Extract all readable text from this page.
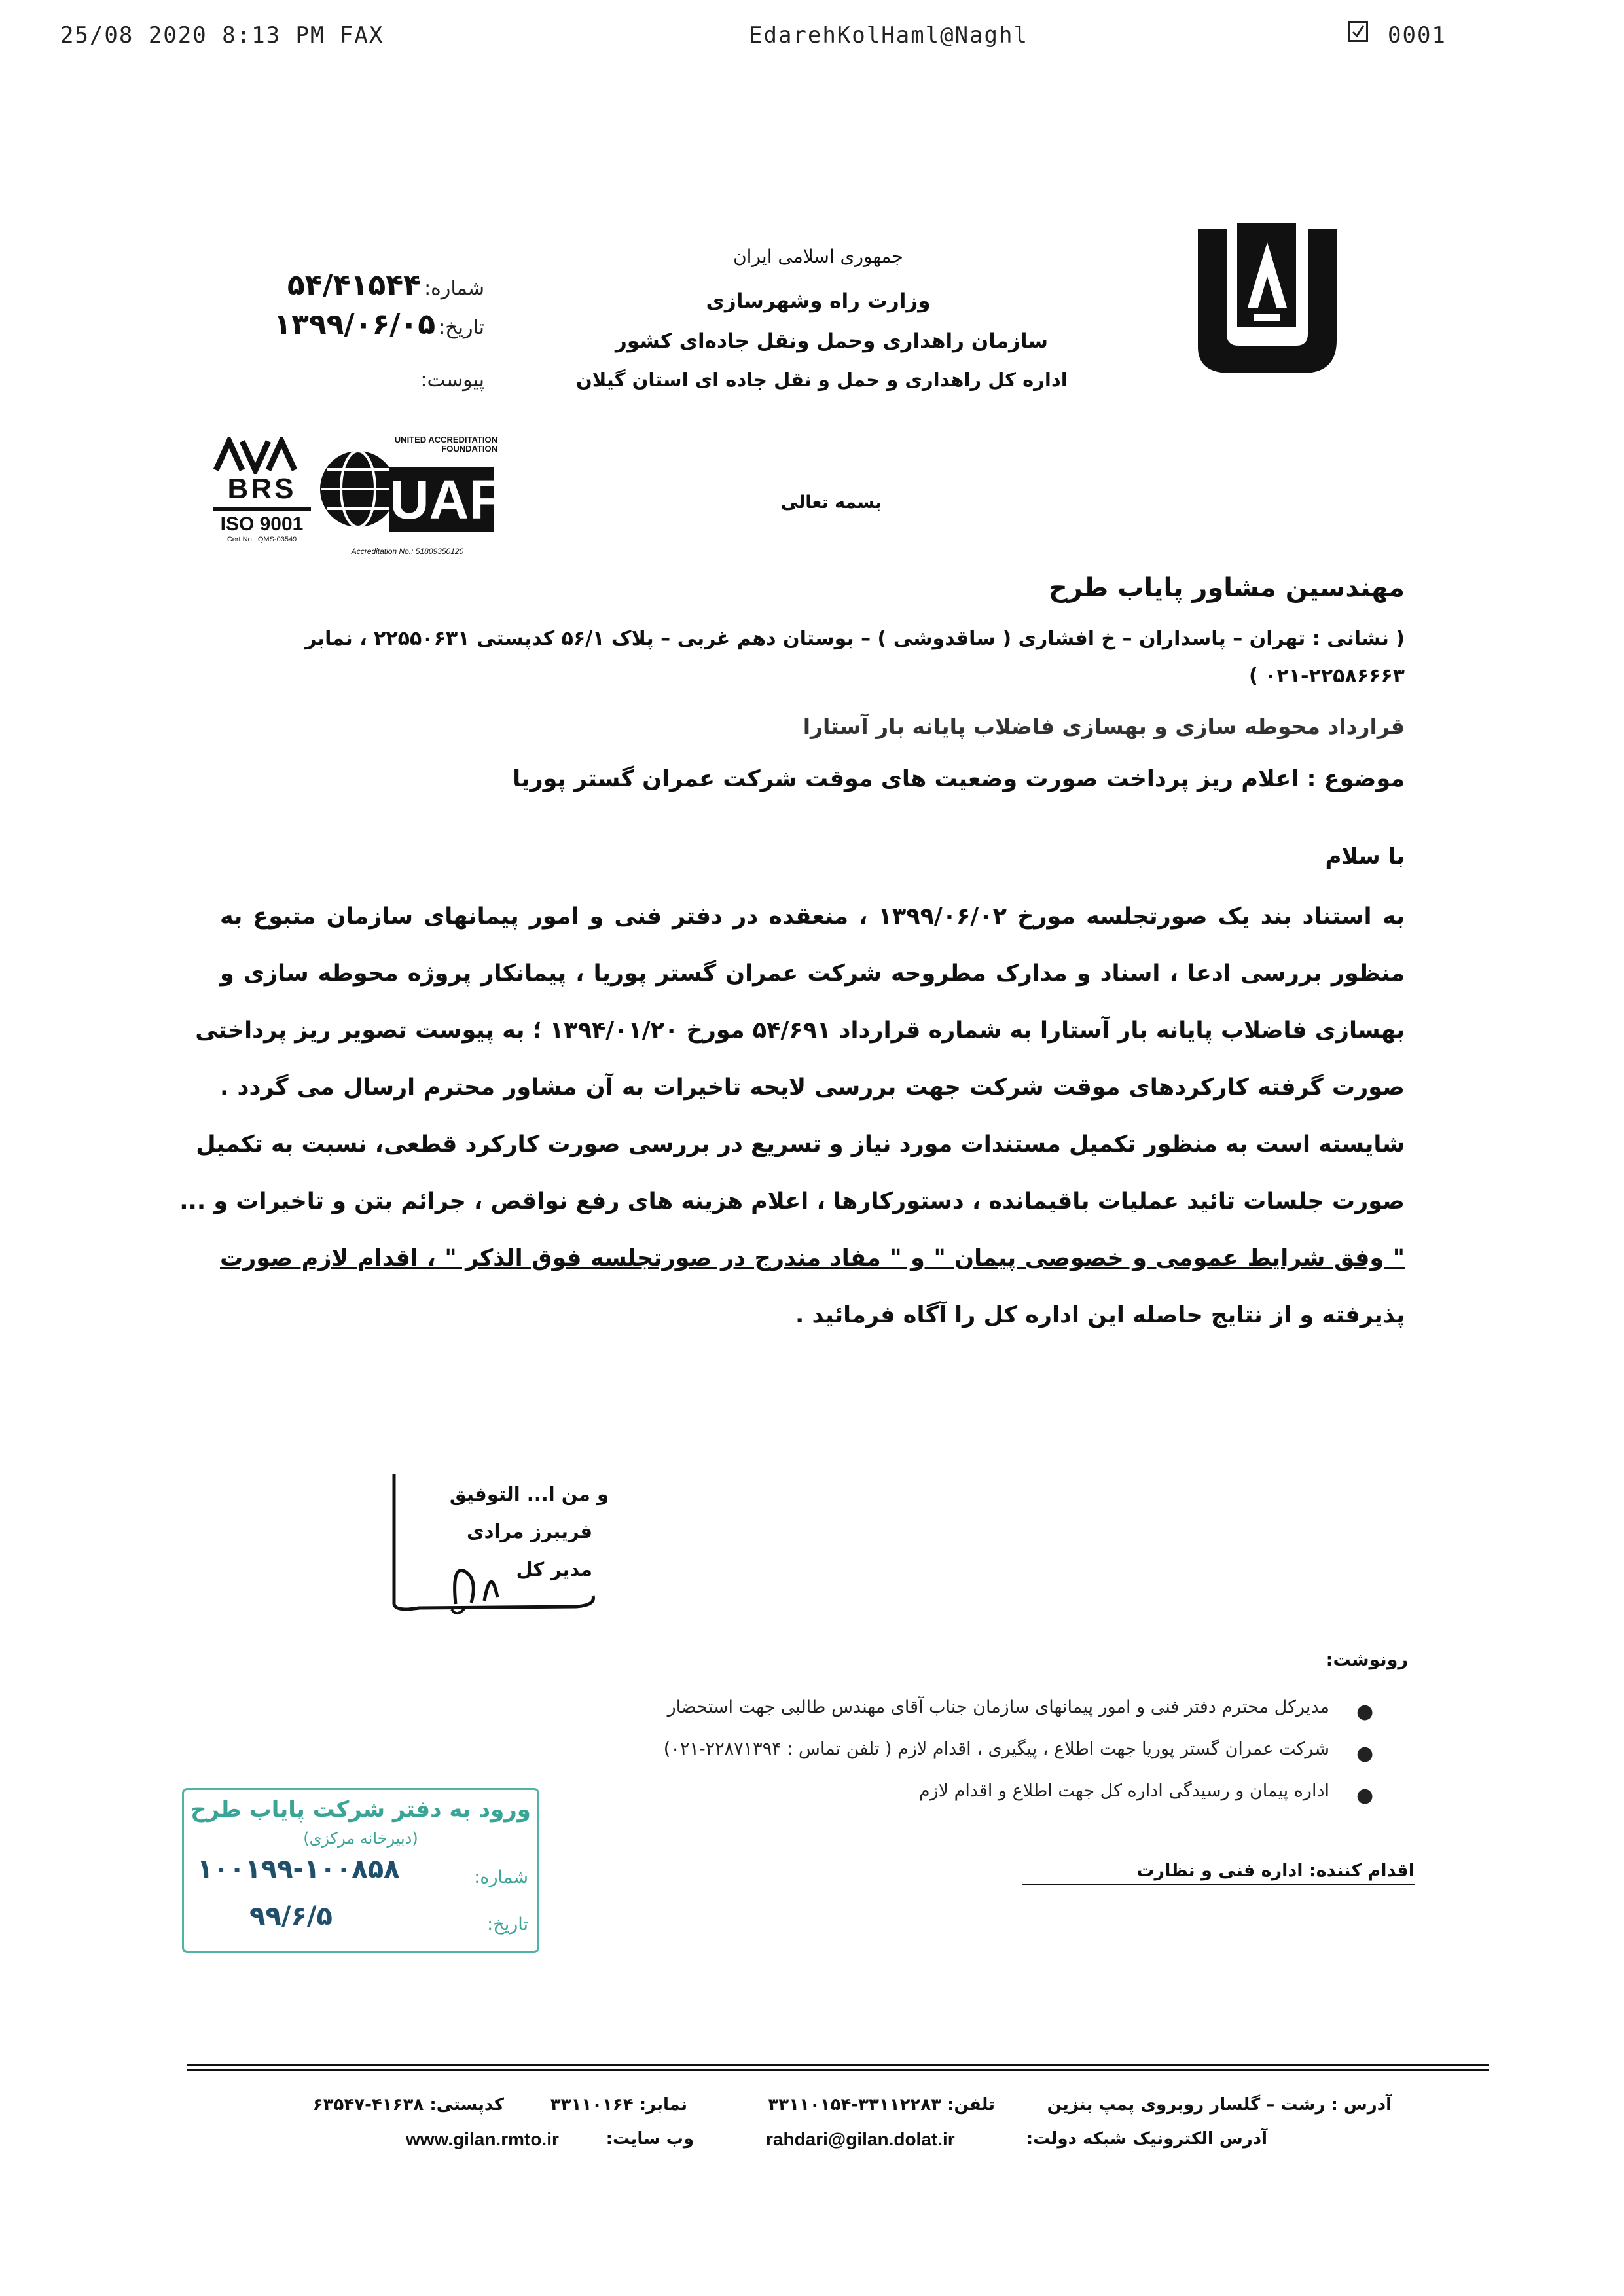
25/08 2020 8:13 PM FAX	EdarehKolHaml@Naghl	0001
جمهوری اسلامی ایران
وزارت راه وشهرسازی
سازمان راهداری وحمل ونقل جاده‌ای کشور
اداره کل راهداری و حمل و نقل جاده ای استان گیلان
شماره: ۵۴/۴۱۵۴۴
تاریخ: ۱۳۹۹/۰۶/۰۵
پیوست:
BRS
ISO 9001
Cert No.: QMS-03549
UNITED ACCREDITATION FOUNDATION
UAF
Accreditation No.: 51809350120
بسمه تعالی
مهندسین مشاور پایاب طرح
( نشانی : تهران – پاسداران – خ افشاری ( ساقدوشی ) – بوستان دهم غربی – پلاک ۵۶/۱ کدپستی ۲۲۵۵۰۶۳۱ ، نمابر
۰۲۱-۲۲۵۸۶۶۶۳ )
قرارداد محوطه سازی و بهسازی فاضلاب پایانه بار آستارا
موضوع : اعلام ریز پرداخت صورت وضعیت های موقت شرکت عمران گستر پوریا
با سلام
به استناد بند یک صورتجلسه مورخ ۱۳۹۹/۰۶/۰۲ ، منعقده در دفتر فنی و امور پیمانهای سازمان متبوع به
منظور بررسی ادعا ، اسناد و مدارک مطروحه شرکت عمران گستر پوریا ، پیمانکار پروژه محوطه سازی و
بهسازی فاضلاب پایانه بار آستارا به شماره قرارداد ۵۴/۶۹۱ مورخ ۱۳۹۴/۰۱/۲۰ ؛ به پیوست تصویر ریز پرداختی
صورت گرفته کارکردهای موقت شرکت جهت بررسی لایحه تاخیرات به آن مشاور محترم ارسال می گردد .
شایسته است به منظور تکمیل مستندات مورد نیاز و تسریع در بررسی صورت کارکرد قطعی، نسبت به تکمیل
صورت جلسات تائید عملیات باقیمانده ، دستورکارها ، اعلام هزینه های رفع نواقص ، جرائم بتن و تاخیرات و ...
" وفق شرایط عمومی و خصوصی پیمان " و " مفاد مندرج در صورتجلسه فوق الذکر " ، اقدام لازم صورت
پذیرفته و از نتایج حاصله این اداره کل را آگاه فرمائید .
و من ا... التوفیق
فریبرز مرادی
مدیر کل
رونوشت:
●
مدیرکل محترم دفتر فنی و امور پیمانهای سازمان جناب آقای مهندس طالبی جهت استحضار
●
شرکت عمران گستر پوریا جهت اطلاع ، پیگیری ، اقدام لازم ( تلفن تماس : ۲۲۸۷۱۳۹۴-۰۲۱)
●
اداره پیمان و رسیدگی اداره کل جهت اطلاع و اقدام لازم
اقدام کننده: اداره فنی و نظارت
ورود به دفتر شرکت پایاب طرح
(دبیرخانه مرکزی)
شماره:
۱۰۰۱۹۹-۱۰۰۸۵۸
تاریخ:
۹۹/۶/۵
آدرس : رشت – گلسار روبروی پمپ بنزین
تلفن: ۳۳۱۱۲۲۸۳-۳۳۱۱۰۱۵۴
نمابر: ۳۳۱۱۰۱۶۴
کدپستی: ۴۱۶۳۸-۶۳۵۴۷
آدرس الکترونیک شبکه دولت:
rahdari@gilan.dolat.ir
وب سایت:
www.gilan.rmto.ir
